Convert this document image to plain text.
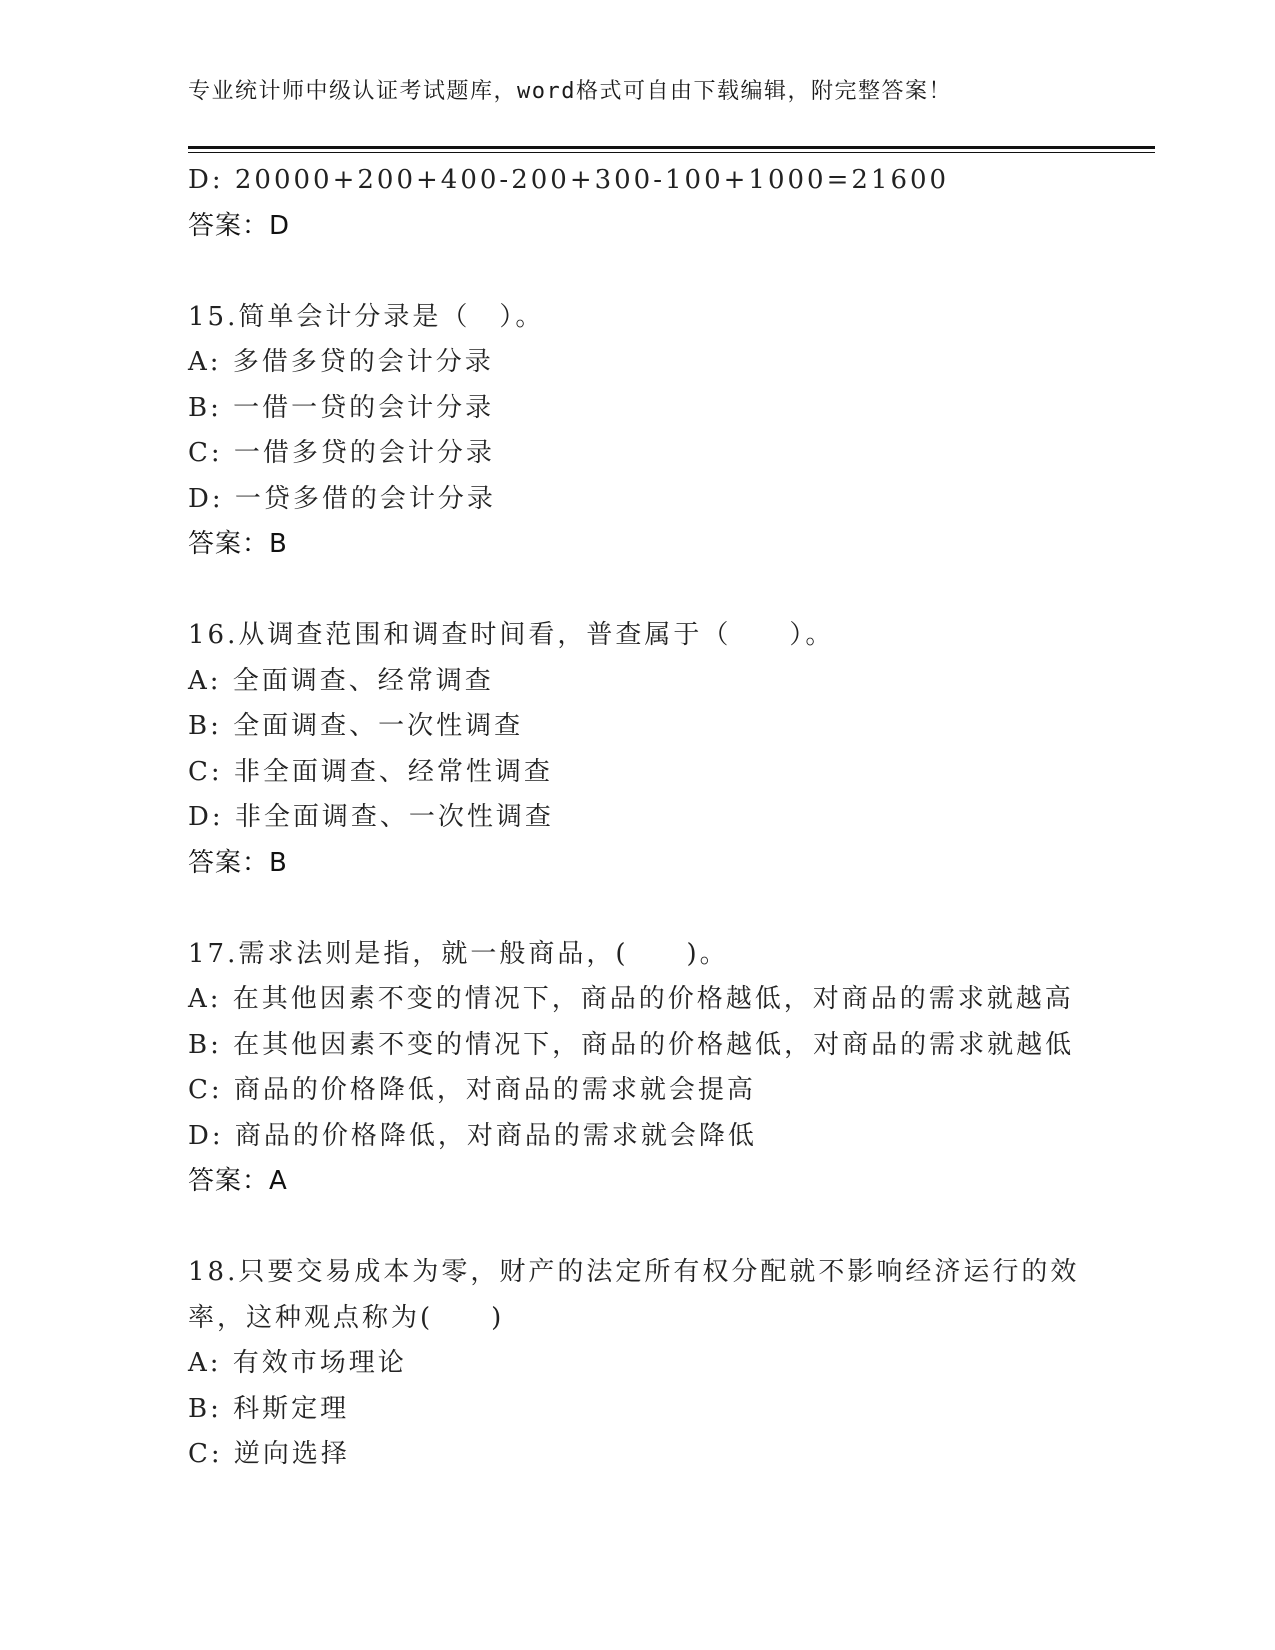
专业统计师中级认证考试题库，word格式可自由下载编辑，附完整答案！
D: 20000+200+400-200+300-100+1000=21600
答案：D
15.简单会计分录是（　）。
A: 多借多贷的会计分录
B: 一借一贷的会计分录
C: 一借多贷的会计分录
D: 一贷多借的会计分录
答案：B
16.从调查范围和调查时间看，普查属于（　　）。
A: 全面调查、经常调查
B: 全面调查、一次性调查
C: 非全面调查、经常性调查
D: 非全面调查、一次性调查
答案：B
17.需求法则是指，就一般商品，(　　)。
A: 在其他因素不变的情况下，商品的价格越低，对商品的需求就越高
B: 在其他因素不变的情况下，商品的价格越低，对商品的需求就越低
C: 商品的价格降低，对商品的需求就会提高
D: 商品的价格降低，对商品的需求就会降低
答案：A
18.只要交易成本为零，财产的法定所有权分配就不影响经济运行的效
率，这种观点称为(　　)
A: 有效市场理论
B: 科斯定理
C: 逆向选择
